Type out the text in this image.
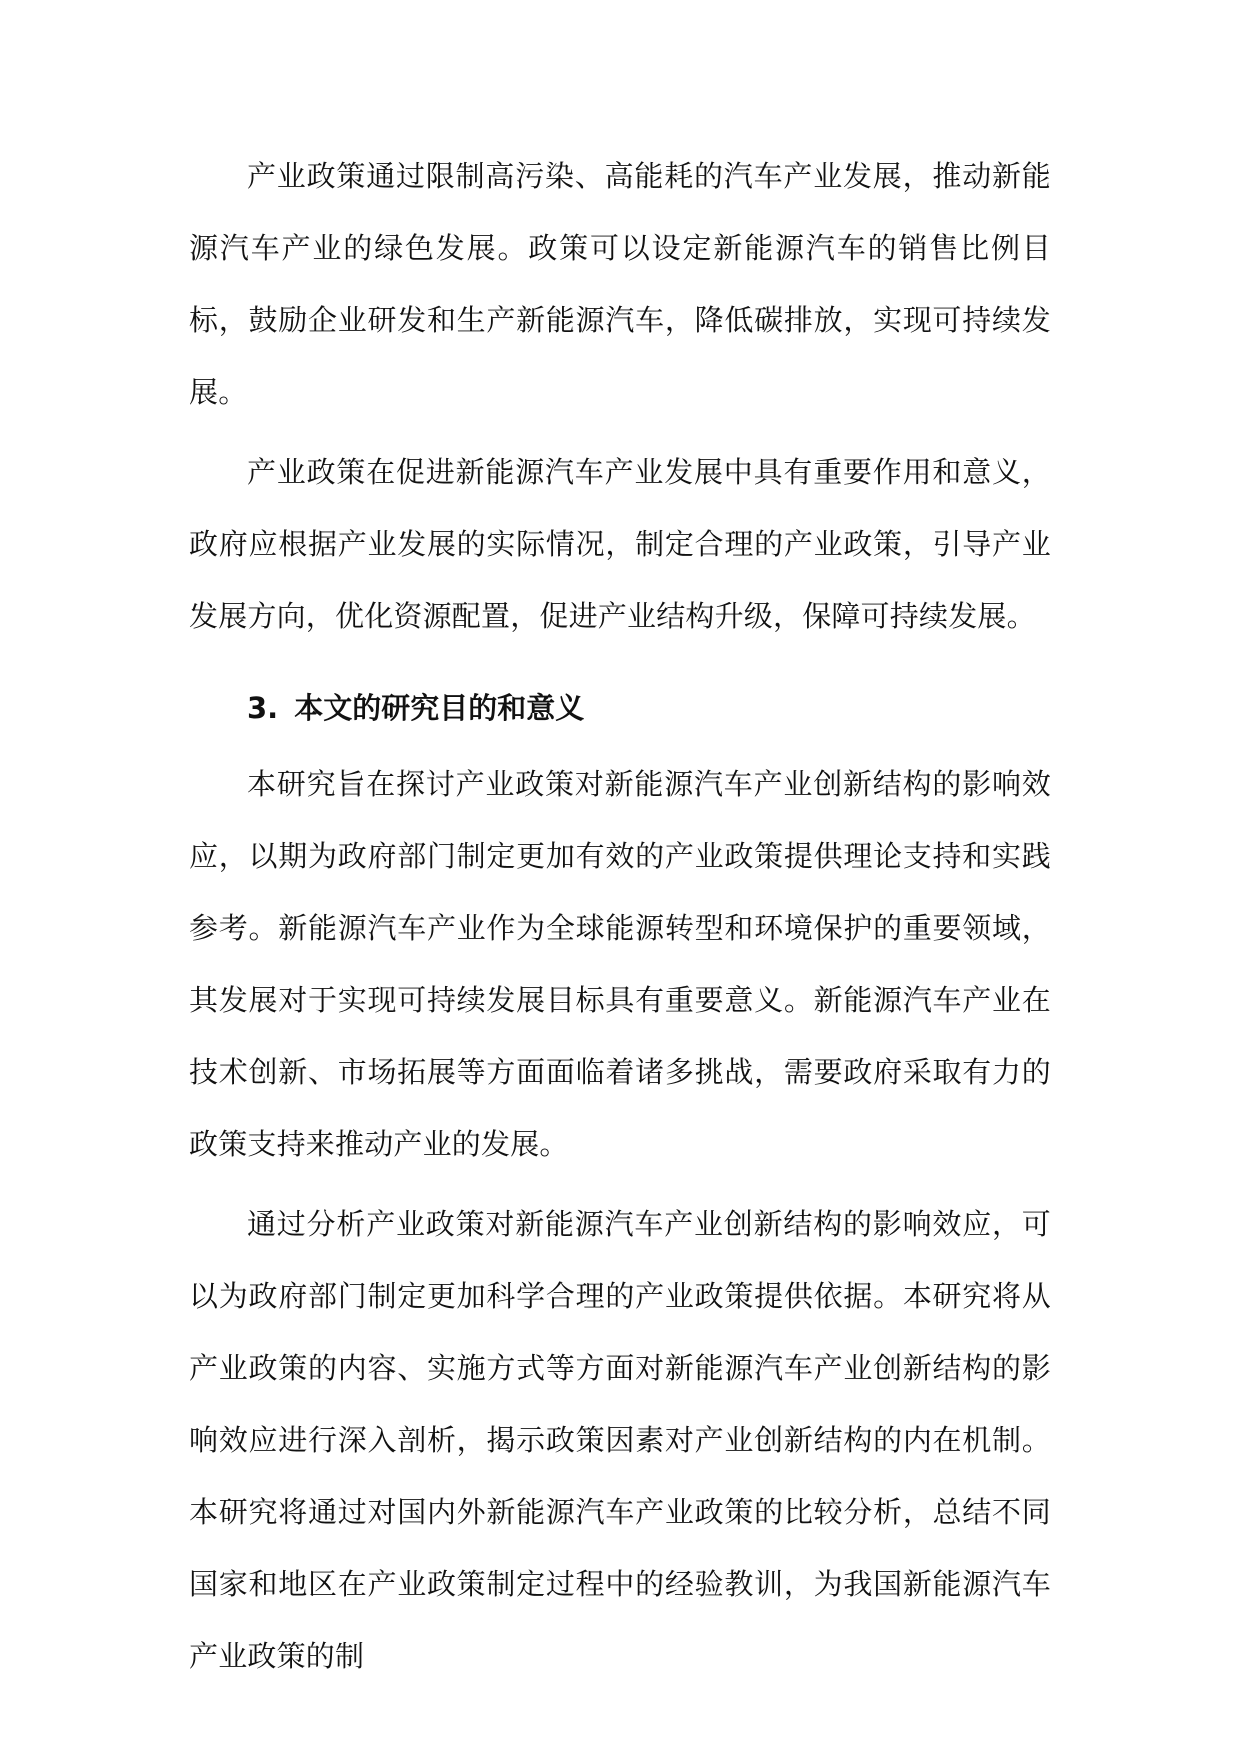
产业政策通过限制高污染、高能耗的汽车产业发展，推动新能源汽车产业的绿色发展。政策可以设定新能源汽车的销售比例目标，鼓励企业研发和生产新能源汽车，降低碳排放，实现可持续发展。

产业政策在促进新能源汽车产业发展中具有重要作用和意义，政府应根据产业发展的实际情况，制定合理的产业政策，引导产业发展方向，优化资源配置，促进产业结构升级，保障可持续发展。

3. 本文的研究目的和意义

本研究旨在探讨产业政策对新能源汽车产业创新结构的影响效应，以期为政府部门制定更加有效的产业政策提供理论支持和实践参考。新能源汽车产业作为全球能源转型和环境保护的重要领域，其发展对于实现可持续发展目标具有重要意义。新能源汽车产业在技术创新、市场拓展等方面面临着诸多挑战，需要政府采取有力的政策支持来推动产业的发展。

通过分析产业政策对新能源汽车产业创新结构的影响效应，可以为政府部门制定更加科学合理的产业政策提供依据。本研究将从产业政策的内容、实施方式等方面对新能源汽车产业创新结构的影响效应进行深入剖析，揭示政策因素对产业创新结构的内在机制。本研究将通过对国内外新能源汽车产业政策的比较分析，总结不同国家和地区在产业政策制定过程中的经验教训，为我国新能源汽车产业政策的制
